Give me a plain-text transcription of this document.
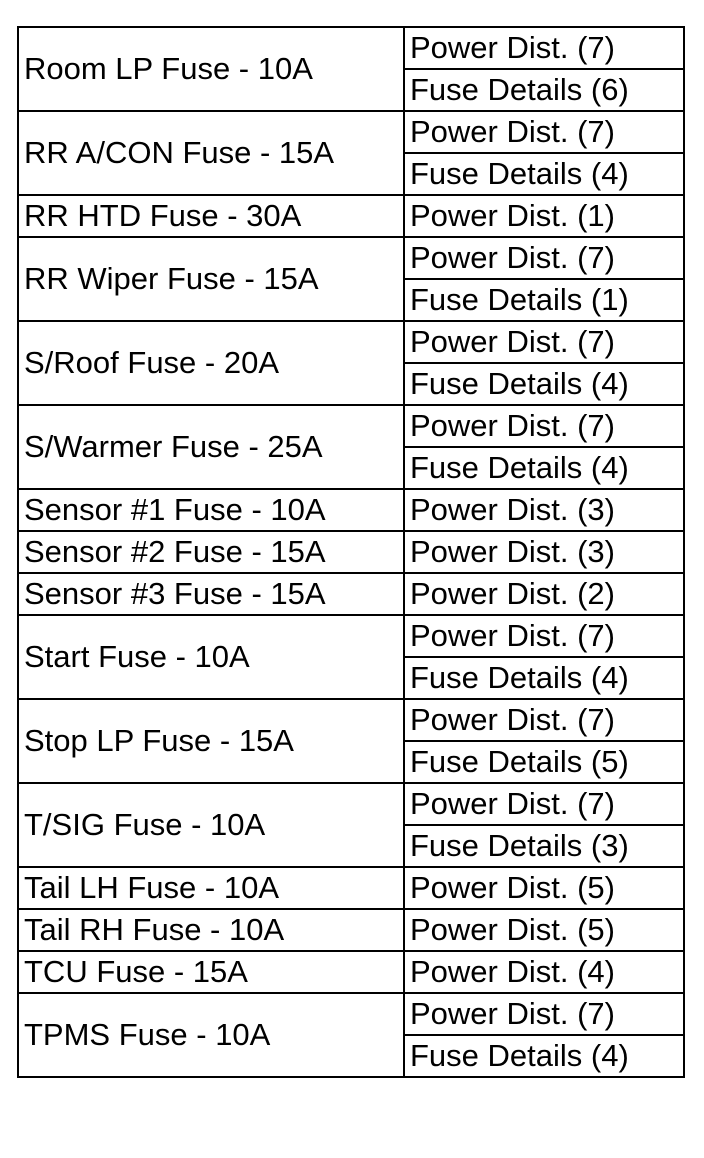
Room LP Fuse - 10A	Power Dist. (7)
	Fuse Details (6)
RR A/CON Fuse - 15A	Power Dist. (7)
	Fuse Details (4)
RR HTD Fuse - 30A	Power Dist. (1)
RR Wiper Fuse - 15A	Power Dist. (7)
	Fuse Details (1)
S/Roof Fuse - 20A	Power Dist. (7)
	Fuse Details (4)
S/Warmer Fuse - 25A	Power Dist. (7)
	Fuse Details (4)
Sensor #1 Fuse - 10A	Power Dist. (3)
Sensor #2 Fuse - 15A	Power Dist. (3)
Sensor #3 Fuse - 15A	Power Dist. (2)
Start Fuse - 10A	Power Dist. (7)
	Fuse Details (4)
Stop LP Fuse - 15A	Power Dist. (7)
	Fuse Details (5)
T/SIG Fuse - 10A	Power Dist. (7)
	Fuse Details (3)
Tail LH Fuse - 10A	Power Dist. (5)
Tail RH Fuse - 10A	Power Dist. (5)
TCU Fuse - 15A	Power Dist. (4)
TPMS Fuse - 10A	Power Dist. (7)
	Fuse Details (4)
